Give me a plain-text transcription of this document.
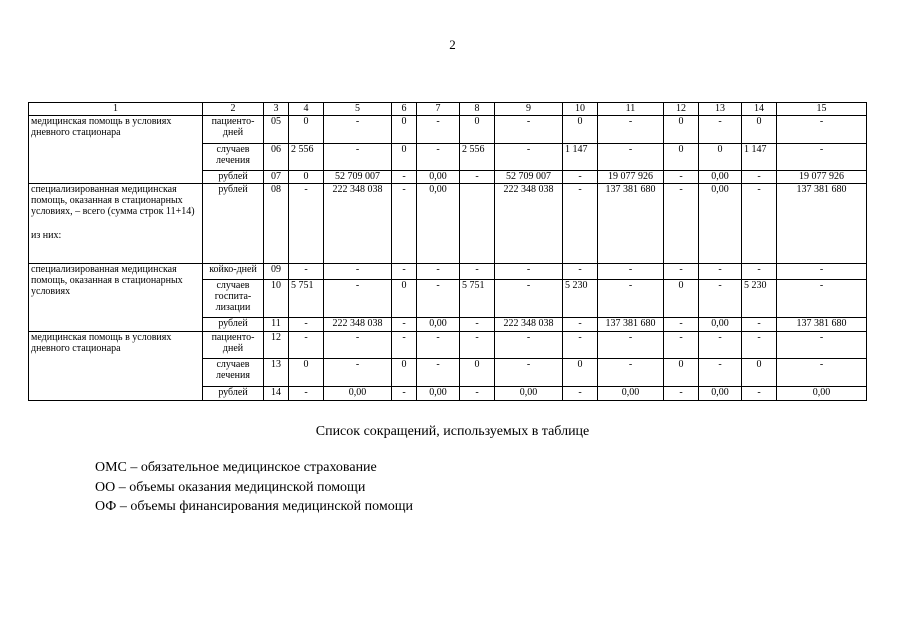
2
1	2	3	4	5	6	7	8	9	10	11	12	13	14	15

медицинская помощь в условиях дневного стационара	пациенто-дней	05	0	-	0	-	0	-	0	-	0	-	0	-
	случаев лечения	06	2 556	-	0	-	2 556	-	1 147	-	0	0	1 147	-
	рублей	07	0	52 709 007	-	0,00	-	52 709 007	-	19 077 926	-	0,00	-	19 077 926

специализированная медицинская помощь, оказанная в стационарных условиях, – всего (сумма строк 11+14)
из них:	рублей	08	-	222 348 038	-	0,00		222 348 038	-	137 381 680	-	0,00	-	137 381 680

специализированная медицинская помощь, оказанная в стационарных условиях	койко-дней	09	-	-	-	-	-	-	-	-	-	-	-	-
	случаев госпита-лизации	10	5 751	-	0	-	5 751	-	5 230	-	0	-	5 230	-
	рублей	11	-	222 348 038	-	0,00	-	222 348 038	-	137 381 680	-	0,00	-	137 381 680

медицинская помощь в условиях дневного стационара	пациенто-дней	12	-	-	-	-	-	-	-	-	-	-	-	-
	случаев лечения	13	0	-	0	-	0	-	0	-	0	-	0	-
	рублей	14	-	0,00	-	0,00	-	0,00	-	0,00	-	0,00	-	0,00
Список сокращений, используемых в таблице
ОМС – обязательное медицинское страхование
ОО – объемы оказания медицинской помощи
ОФ – объемы финансирования медицинской помощи
